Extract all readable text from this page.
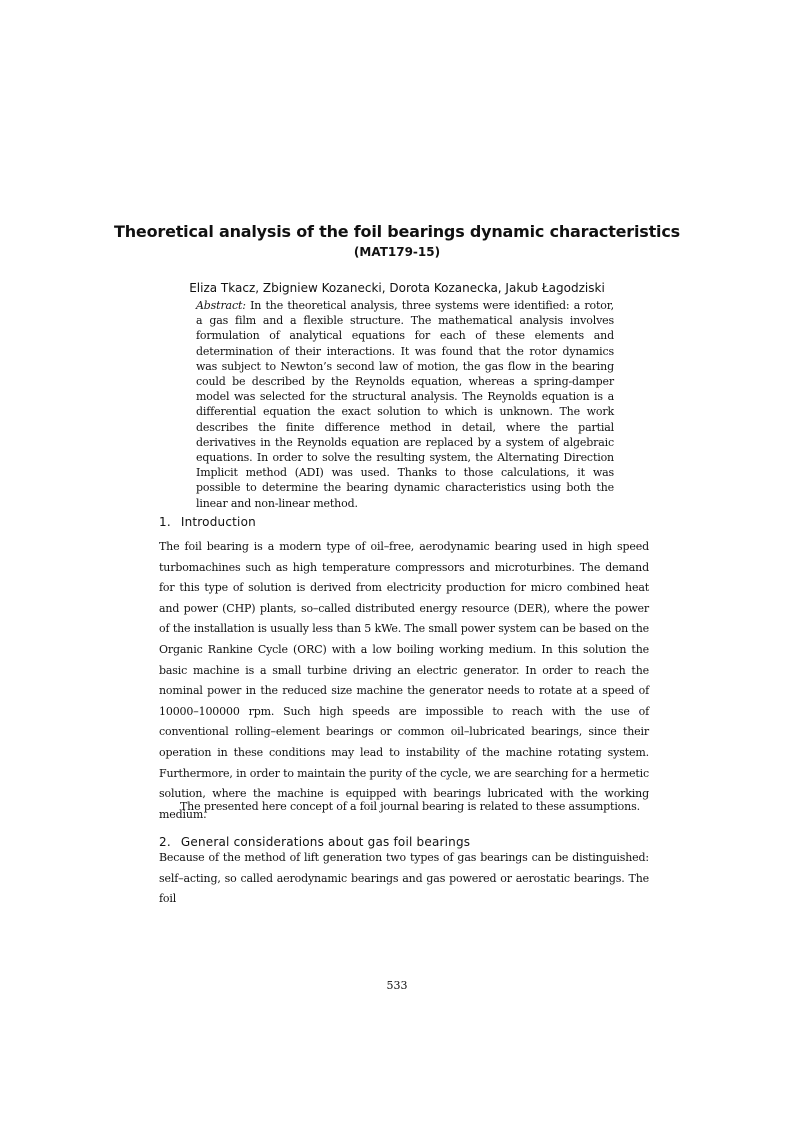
Theoretical analysis of the foil bearings dynamic characteristics
(MAT179-15)
Eliza Tkacz, Zbigniew Kozanecki, Dorota Kozanecka, Jakub Łagodziski
Abstract: In the theoretical analysis, three systems were identified: a rotor, a gas film and a flexible structure. The mathematical analysis involves formulation of analytical equations for each of these elements and determination of their interactions. It was found that the rotor dynamics was subject to Newton’s second law of motion, the gas flow in the bearing could be described by the Reynolds equation, whereas a spring-damper model was selected for the structural analysis. The Reynolds equation is a differential equation the exact solution to which is unknown. The work describes the finite difference method in detail, where the partial derivatives in the Reynolds equation are replaced by a system of algebraic equations. In order to solve the resulting system, the Alternating Direction Implicit method (ADI) was used. Thanks to those calculations, it was possible to determine the bearing dynamic characteristics using both the linear and non-linear method.
1. Introduction
The foil bearing is a modern type of oil–free, aerodynamic bearing used in high speed turbomachines such as high temperature compressors and microturbines. The demand for this type of solution is derived from electricity production for micro combined heat and power (CHP) plants, so–called distributed energy resource (DER), where the power of the installation is usually less than 5 kWe. The small power system can be based on the Organic Rankine Cycle (ORC) with a low boiling working medium. In this solution the basic machine is a small turbine driving an electric generator. In order to reach the nominal power in the reduced size machine the generator needs to rotate at a speed of 10000–100000 rpm. Such high speeds are impossible to reach with the use of conventional rolling–element bearings or common oil–lubricated bearings, since their operation in these conditions may lead to instability of the machine rotating system. Furthermore, in order to maintain the purity of the cycle, we are searching for a hermetic solution, where the machine is equipped with bearings lubricated with the working medium.
The presented here concept of a foil journal bearing is related to these assumptions.
2. General considerations about gas foil bearings
Because of the method of lift generation two types of gas bearings can be distinguished: self–acting, so called aerodynamic bearings and gas powered or aerostatic bearings. The foil
533
